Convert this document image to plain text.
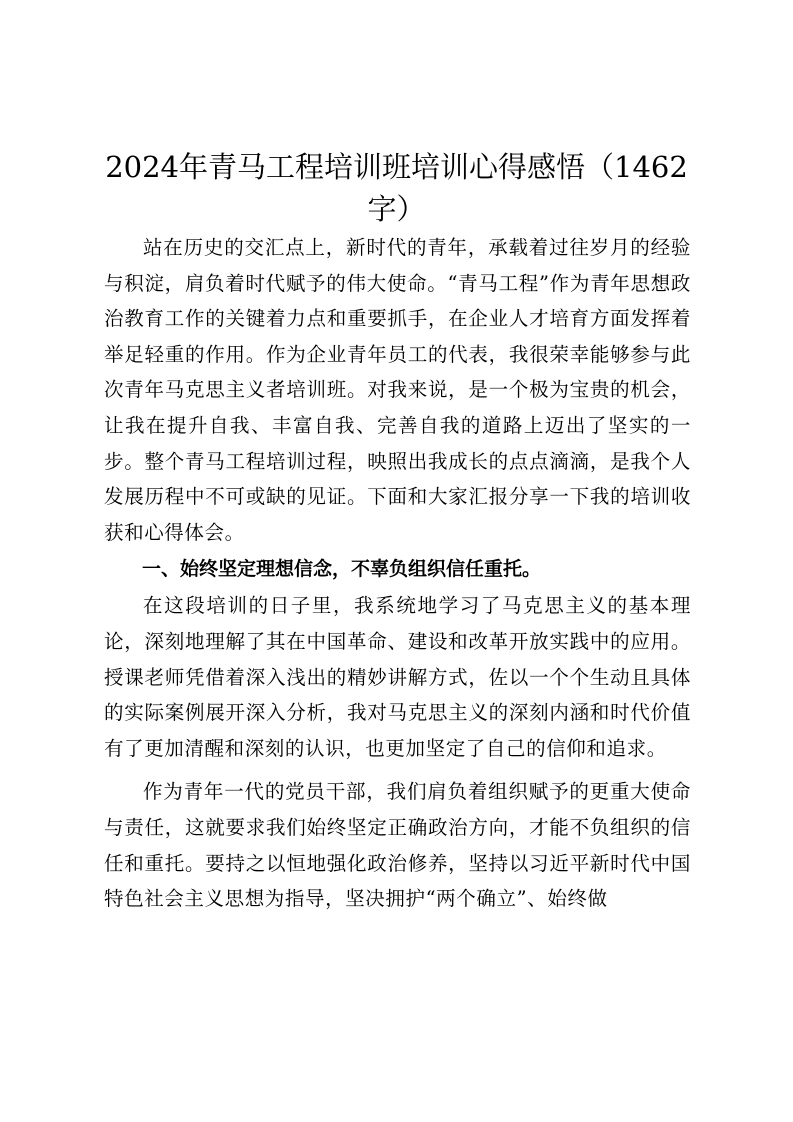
2024年青马工程培训班培训心得感悟（1462字）

站在历史的交汇点上，新时代的青年，承载着过往岁月的经验与积淀，肩负着时代赋予的伟大使命。“青马工程”作为青年思想政治教育工作的关键着力点和重要抓手，在企业人才培育方面发挥着举足轻重的作用。作为企业青年员工的代表，我很荣幸能够参与此次青年马克思主义者培训班。对我来说，是一个极为宝贵的机会，让我在提升自我、丰富自我、完善自我的道路上迈出了坚实的一步。整个青马工程培训过程，映照出我成长的点点滴滴，是我个人发展历程中不可或缺的见证。下面和大家汇报分享一下我的培训收获和心得体会。

一、始终坚定理想信念，不辜负组织信任重托。

在这段培训的日子里，我系统地学习了马克思主义的基本理论，深刻地理解了其在中国革命、建设和改革开放实践中的应用。授课老师凭借着深入浅出的精妙讲解方式，佐以一个个生动且具体的实际案例展开深入分析，我对马克思主义的深刻内涵和时代价值有了更加清醒和深刻的认识，也更加坚定了自己的信仰和追求。

作为青年一代的党员干部，我们肩负着组织赋予的更重大使命与责任，这就要求我们始终坚定正确政治方向，才能不负组织的信任和重托。要持之以恒地强化政治修养，坚持以习近平新时代中国特色社会主义思想为指导，坚决拥护“两个确立”、始终做
